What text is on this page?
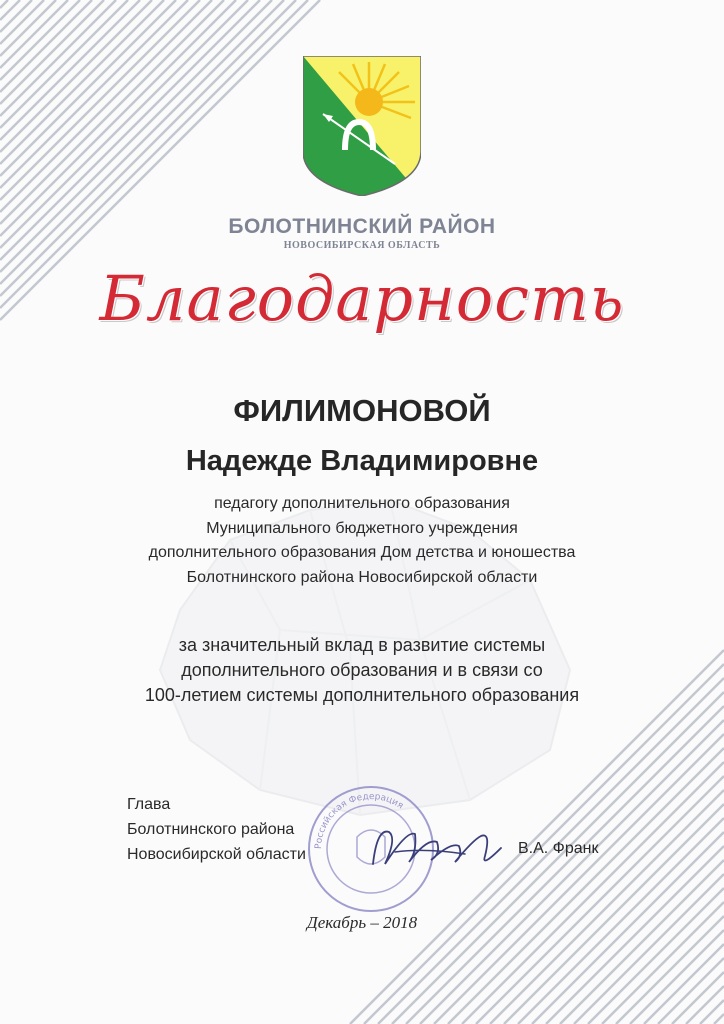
БОЛОТНИНСКИЙ РАЙОН
НОВОСИБИРСКАЯ ОБЛАСТЬ
Благодарность
ФИЛИМОНОВОЙ
Надежде Владимировне
педагогу дополнительного образования
Муниципального бюджетного учреждения
дополнительного образования Дом детства и юношества
Болотнинского района Новосибирской области
за значительный вклад в развитие системы
дополнительного образования и в связи со
100-летием системы дополнительного образования
Глава
Болотнинского района
Новосибирской области Российская Федерация
В.А. Франк
Декабрь – 2018
